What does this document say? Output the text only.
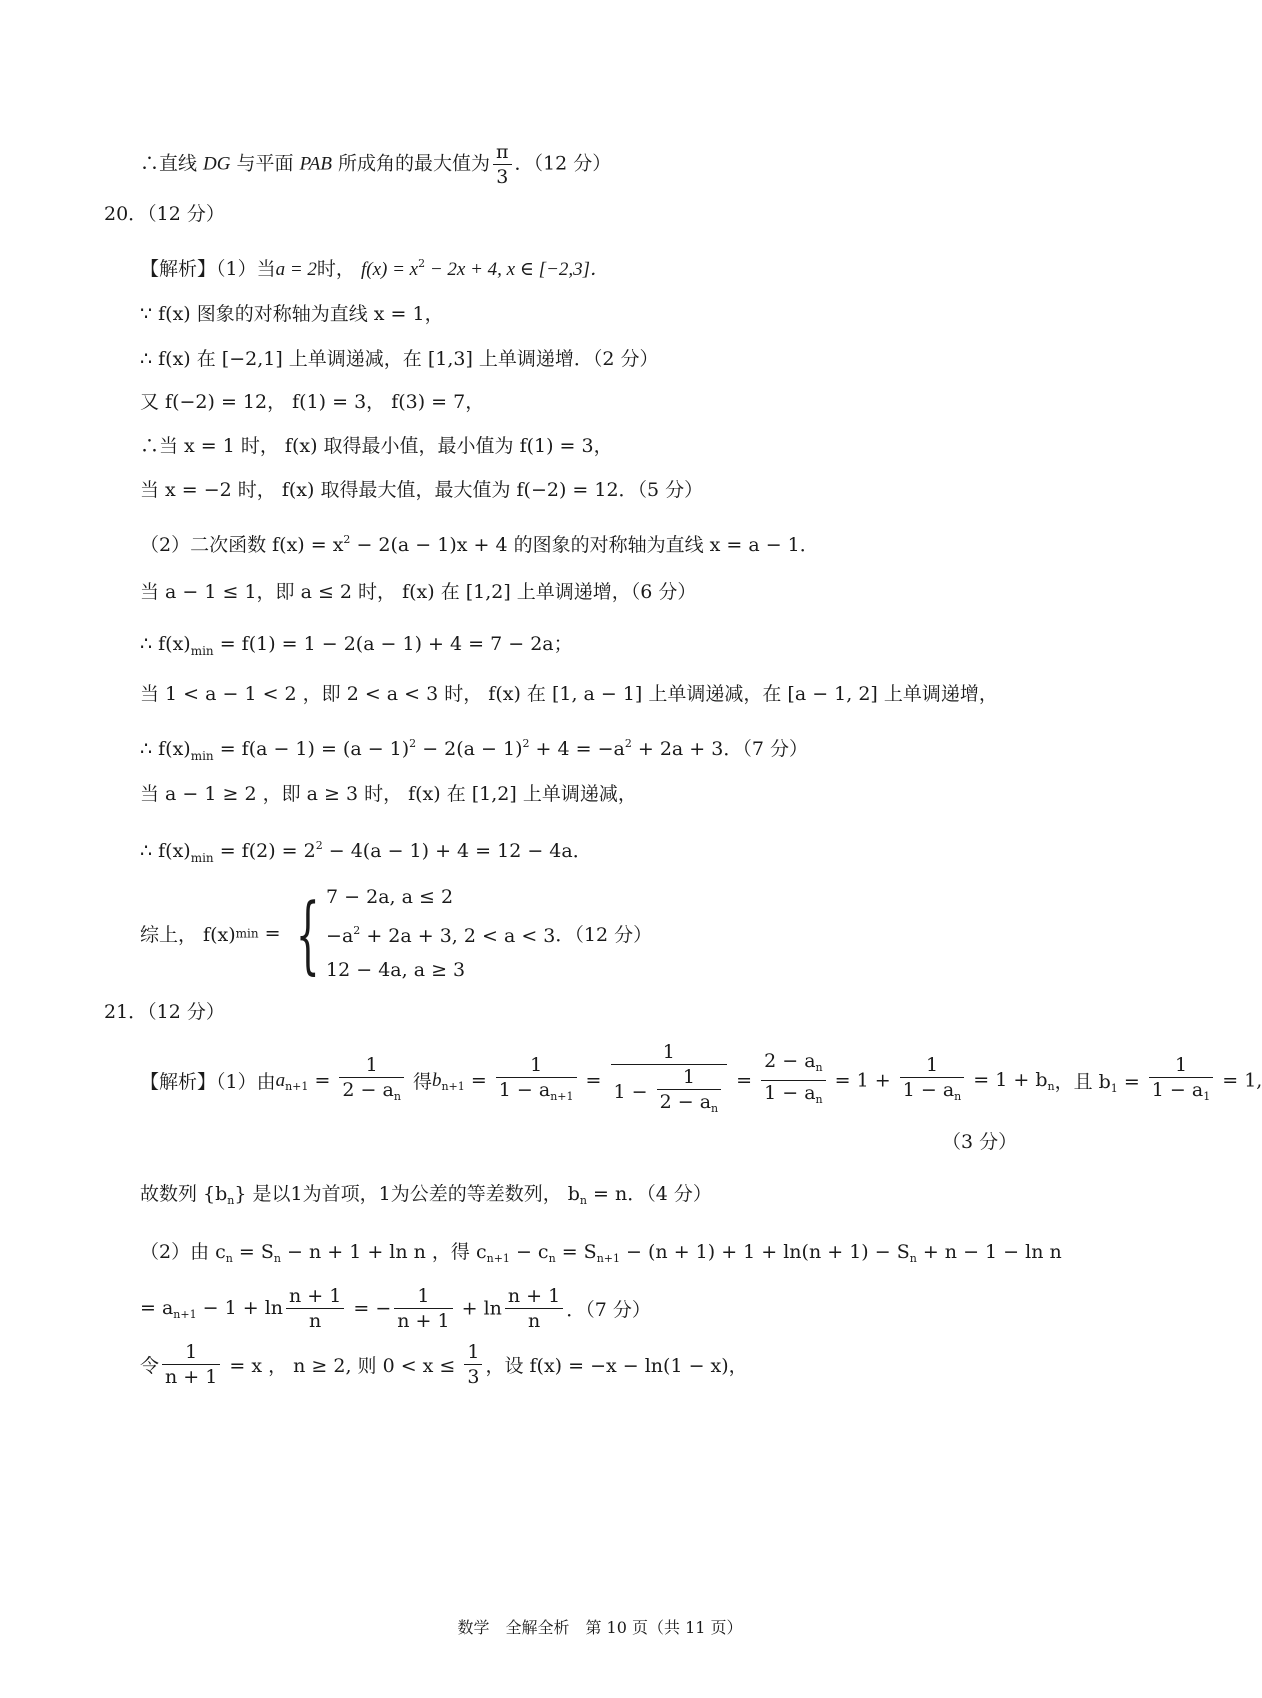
∴直线 DG 与平面 PAB 所成角的最大值为 $\frac{\pi}{3}$ ．（12 分）
20．（12 分）
【解析】（1）当a = 2时， $f(x) = x^2 - 2x + 4$, x ∈ [−2,3]．
∵ f(x) 图象的对称轴为直线 x = 1，
∴ f(x) 在 [−2,1] 上单调递减，在 [1,3] 上单调递增．（2 分）
又 f(−2) = 12， f(1) = 3， f(3) = 7，
∴当 x = 1 时， f(x) 取得最小值，最小值为 f(1) = 3，
当 x = −2 时， f(x) 取得最大值，最大值为 f(−2) = 12．（5 分）
（2）二次函数 $f(x) = x^2 - 2(a - 1)x + 4$ 的图象的对称轴为直线 x = a − 1．
当 a − 1 ≤ 1，即 a ≤ 2 时， f(x) 在 [1,2] 上单调递增，（6 分）
∴ $f(x)_{min} = f(1) = 1 - 2(a - 1) + 4 = 7 - 2a$；
当 1 < a − 1 < 2 ，即 2 < a < 3 时， f(x) 在 [1, a − 1] 上单调递减，在 [a − 1, 2] 上单调递增，
∴ $f(x)_{min} = f(a - 1) = (a - 1)^2 - 2(a - 1)^2 + 4 = -a^2 + 2a + 3$．（7 分）
当 a − 1 ≥ 2 ，即 a ≥ 3 时， f(x) 在 [1,2] 上单调递减，
∴ $f(x)_{min} = f(2) = 2^2 - 4(a - 1) + 4 = 12 - 4a$．
综上， f(x)min = { 7 − 2a, a ≤ 2
$-a^2 + 2a + 3$, 2 < a < 3
12 − 4a, a ≥ 3
．（12 分）
21．（12 分）
【解析】（1）由$a_{n+1} = \frac{1}{2 - a_n}$ 得$b_{n+1} = \frac{1}{1 - a_{n+1}} = \frac{1}{1 - \frac{1}{2 - a_n}} = \frac{2 - a_n}{1 - a_n} = 1 + \frac{1}{1 - a_n} = 1 + b_n$，且 $b_1 = \frac{1}{1 - a_1} = 1$,
（3 分）
故数列 $\{b_n\}$ 是以1为首项，1为公差的等差数列， $b_n = n$．（4 分）
（2）由 $c_n = S_n - n + 1 + \ln n$ ，得 $c_{n+1} - c_n = S_{n+1} - (n + 1) + 1 + \ln(n + 1) - S_n + n - 1 - \ln n$
= $a_{n+1} - 1 + \ln \frac{n + 1}{n}$ = − $\frac{1}{n + 1} + \ln \frac{n + 1}{n}$ ．（7 分）
令 $\frac{1}{n + 1} = x$ ， n ≥ 2, 则 $0 < x \le \frac{1}{3}$ ，设 f(x) = −x − ln(1 − x)，
数学　全解全析　第 10 页（共 11 页）
